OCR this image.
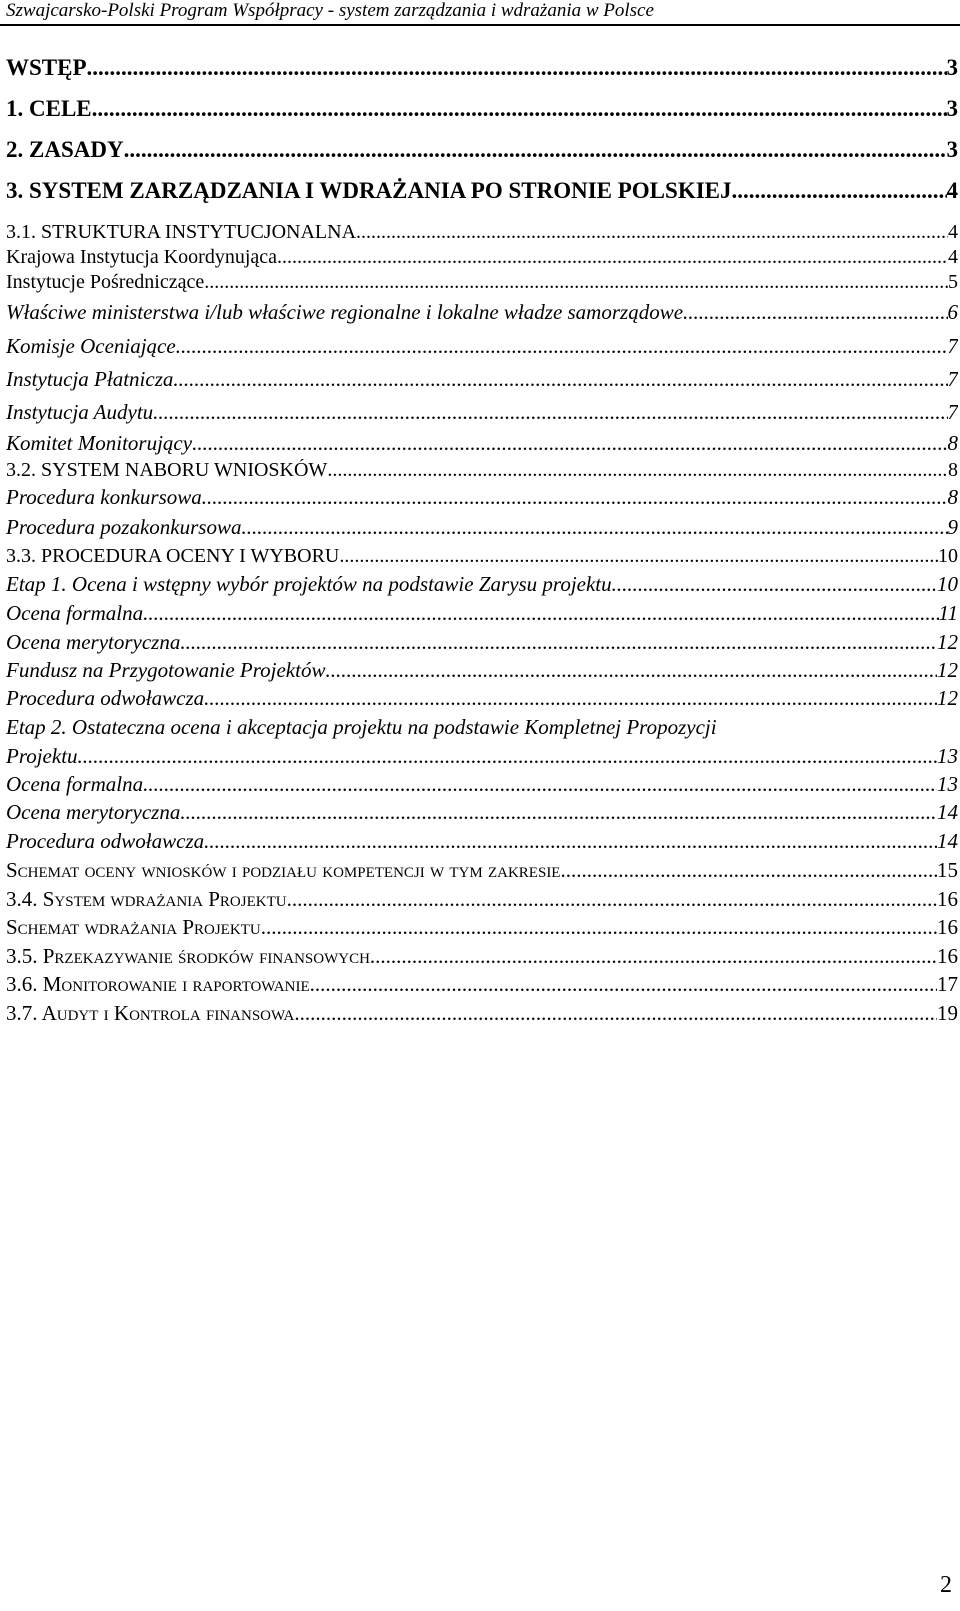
Szwajcarsko-Polski Program Współpracy - system zarządzania i wdrażania w Polsce
WSTĘP .....	3
1. CELE .....	3
2. ZASADY .....	3
3. SYSTEM ZARZĄDZANIA I WDRAŻANIA PO STRONIE POLSKIEJ .....	4
3.1. STRUKTURA INSTYTUCJONALNA .....	4
Krajowa Instytucja Koordynująca .....	4
Instytucje Pośredniczące .....	5
Właściwe ministerstwa i/lub właściwe regionalne i lokalne władze samorządowe .....	6
Komisje Oceniające .....	7
Instytucja Płatnicza .....	7
Instytucja Audytu .....	7
Komitet Monitorujący .....	8
3.2. SYSTEM NABORU WNIOSKÓW .....	8
Procedura konkursowa .....	8
Procedura pozakonkursowa .....	9
3.3. PROCEDURA OCENY I WYBORU .....	10
Etap 1. Ocena i wstępny wybór projektów na podstawie Zarysu projektu .....	10
Ocena formalna .....	11
Ocena merytoryczna .....	12
Fundusz na Przygotowanie Projektów .....	12
Procedura odwoławcza .....	12
Etap 2. Ostateczna ocena i akceptacja projektu na podstawie Kompletnej Propozycji
Projektu .....	13
Ocena formalna .....	13
Ocena merytoryczna .....	14
Procedura odwoławcza .....	14
Schemat oceny wniosków i podziału kompetencji w tym zakresie .....	15
3.4. System wdrażania Projektu .....	16
Schemat wdrażania Projektu .....	16
3.5. Przekazywanie środków finansowych .....	16
3.6. Monitorowanie i raportowanie .....	17
3.7. Audyt i Kontrola finansowa .....	19
2
